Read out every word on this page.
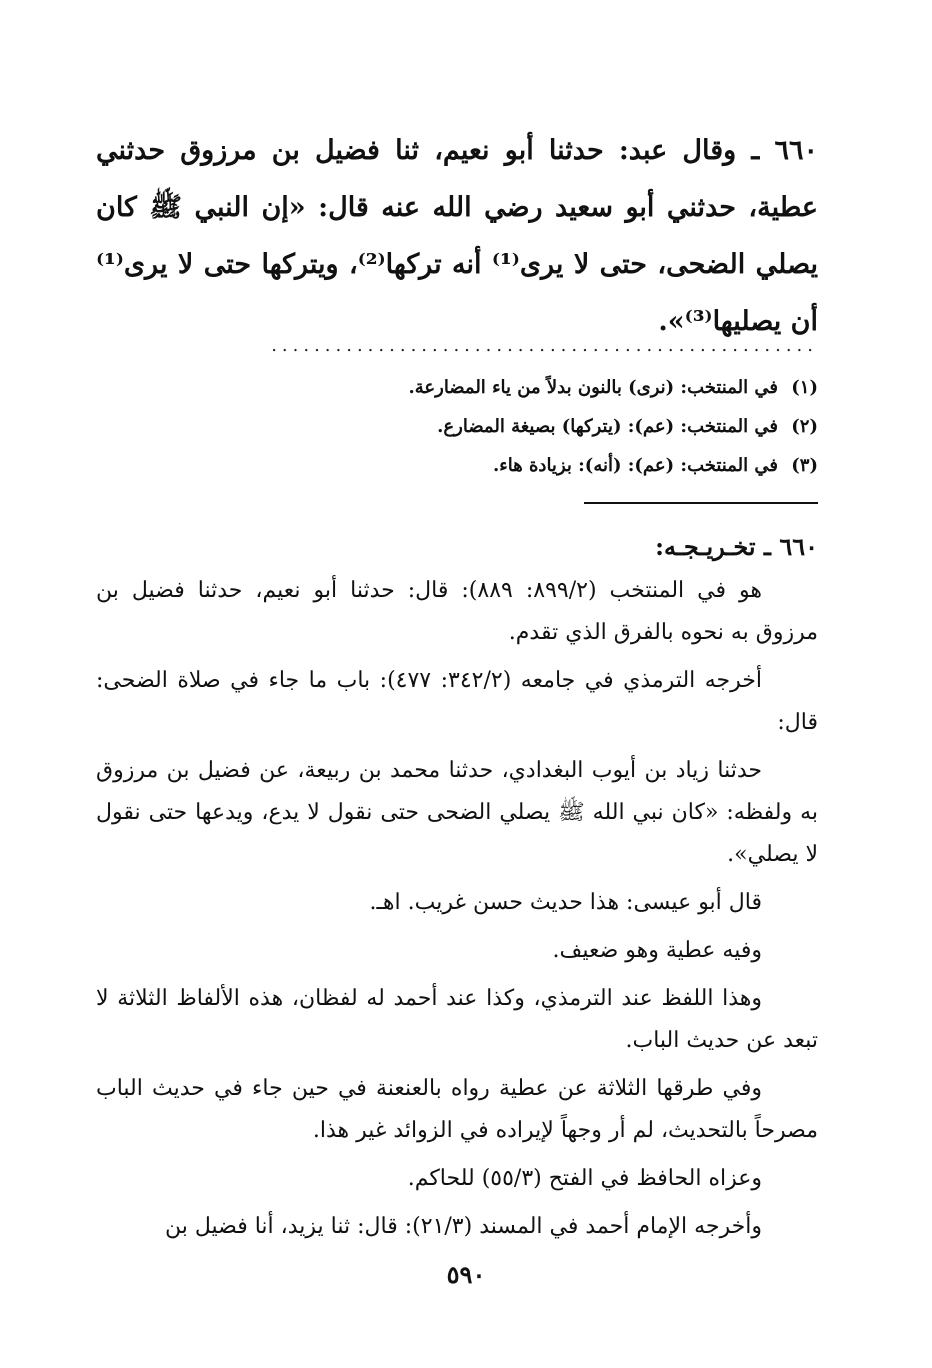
٦٦٠ ـ وقال عبد: حدثنا أبو نعيم، ثنا فضيل بن مرزوق حدثني عطية، حدثني أبو سعيد رضي الله عنه قال: «إن النبي ﷺ كان يصلي الضحى، حتى لا يرى⁽¹⁾ أنه تركها⁽²⁾، ويتركها حتى لا يرى⁽¹⁾ أن يصليها⁽³⁾».

...................................................
(١)
في المنتخب: (نرى) بالنون بدلاً من ياء المضارعة.
(٢)
في المنتخب: (عم): (يتركها) بصيغة المضارع.
(٣)
في المنتخب: (عم): (أنه): بزيادة هاء.

٦٦٠ ـ تخـريـجـه:

هو في المنتخب (٨٩٩/٢: ٨٨٩): قال: حدثنا أبو نعيم، حدثنا فضيل بن مرزوق به نحوه بالفرق الذي تقدم.

أخرجه الترمذي في جامعه (٣٤٢/٢: ٤٧٧): باب ما جاء في صلاة الضحى: قال:

حدثنا زياد بن أيوب البغدادي، حدثنا محمد بن ربيعة، عن فضيل بن مرزوق به ولفظه: «كان نبي الله ﷺ يصلي الضحى حتى نقول لا يدع، ويدعها حتى نقول لا يصلي».

قال أبو عيسى: هذا حديث حسن غريب. اهـ.

وفيه عطية وهو ضعيف.

وهذا اللفظ عند الترمذي، وكذا عند أحمد له لفظان، هذه الألفاظ الثلاثة لا تبعد عن حديث الباب.

وفي طرقها الثلاثة عن عطية رواه بالعنعنة في حين جاء في حديث الباب مصرحاً بالتحديث، لم أر وجهاً لإيراده في الزوائد غير هذا.

وعزاه الحافظ في الفتح (٥٥/٣) للحاكم.

وأخرجه الإمام أحمد في المسند (٢١/٣): قال: ثنا يزيد، أنا فضيل بن

٥٩٠
